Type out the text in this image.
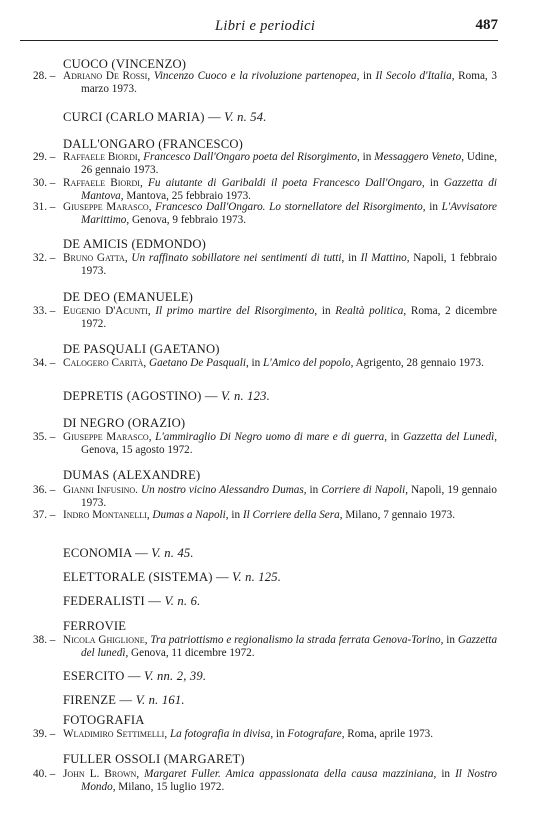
Libri e periodici	487
CUOCO (VINCENZO)
28. – Adriano De Rossi, Vincenzo Cuoco e la rivoluzione partenopea, in Il Secolo d'Italia, Roma, 3 marzo 1973.
CURCI (CARLO MARIA) — V. n. 54.
DALL'ONGARO (FRANCESCO)
29. – Raffaele Biordi, Francesco Dall'Ongaro poeta del Risorgimento, in Messaggero Veneto, Udine, 26 gennaio 1973.
30. – Raffaele Biordi, Fu aiutante di Garibaldi il poeta Francesco Dall'Ongaro, in Gazzetta di Mantova, Mantova, 25 febbraio 1973.
31. – Giuseppe Marasco, Francesco Dall'Ongaro. Lo stornellatore del Risorgimento, in L'Avvisatore Marittimo, Genova, 9 febbraio 1973.
DE AMICIS (EDMONDO)
32. – Bruno Gatta, Un raffinato sobillatore nei sentimenti di tutti, in Il Mattino, Napoli, 1 febbraio 1973.
DE DEO (EMANUELE)
33. – Eugenio D'Acunti, Il primo martire del Risorgimento, in Realtà politica, Roma, 2 dicembre 1972.
DE PASQUALI (GAETANO)
34. – Calogero Carità, Gaetano De Pasquali, in L'Amico del popolo, Agrigento, 28 gennaio 1973.
DEPRETIS (AGOSTINO) — V. n. 123.
DI NEGRO (ORAZIO)
35. – Giuseppe Marasco, L'ammiraglio Di Negro uomo di mare e di guerra, in Gazzetta del Lunedì, Genova, 15 agosto 1972.
DUMAS (ALEXANDRE)
36. – Gianni Infusino. Un nostro vicino Alessandro Dumas, in Corriere di Napoli, Napoli, 19 gennaio 1973.
37. – Indro Montanelli, Dumas a Napoli, in Il Corriere della Sera, Milano, 7 gennaio 1973.
ECONOMIA — V. n. 45.
ELETTORALE (SISTEMA) — V. n. 125.
FEDERALISTI — V. n. 6.
FERROVIE
38. – Nicola Ghiglione, Tra patriottismo e regionalismo la strada ferrata Genova-Torino, in Gazzetta del lunedì, Genova, 11 dicembre 1972.
ESERCITO — V. nn. 2, 39.
FIRENZE — V. n. 161.
FOTOGRAFIA
39. – Wladimiro Settimelli, La fotografia in divisa, in Fotografare, Roma, aprile 1973.
FULLER OSSOLI (MARGARET)
40. – John L. Brown, Margaret Fuller. Amica appassionata della causa mazziniana, in Il Nostro Mondo, Milano, 15 luglio 1972.
